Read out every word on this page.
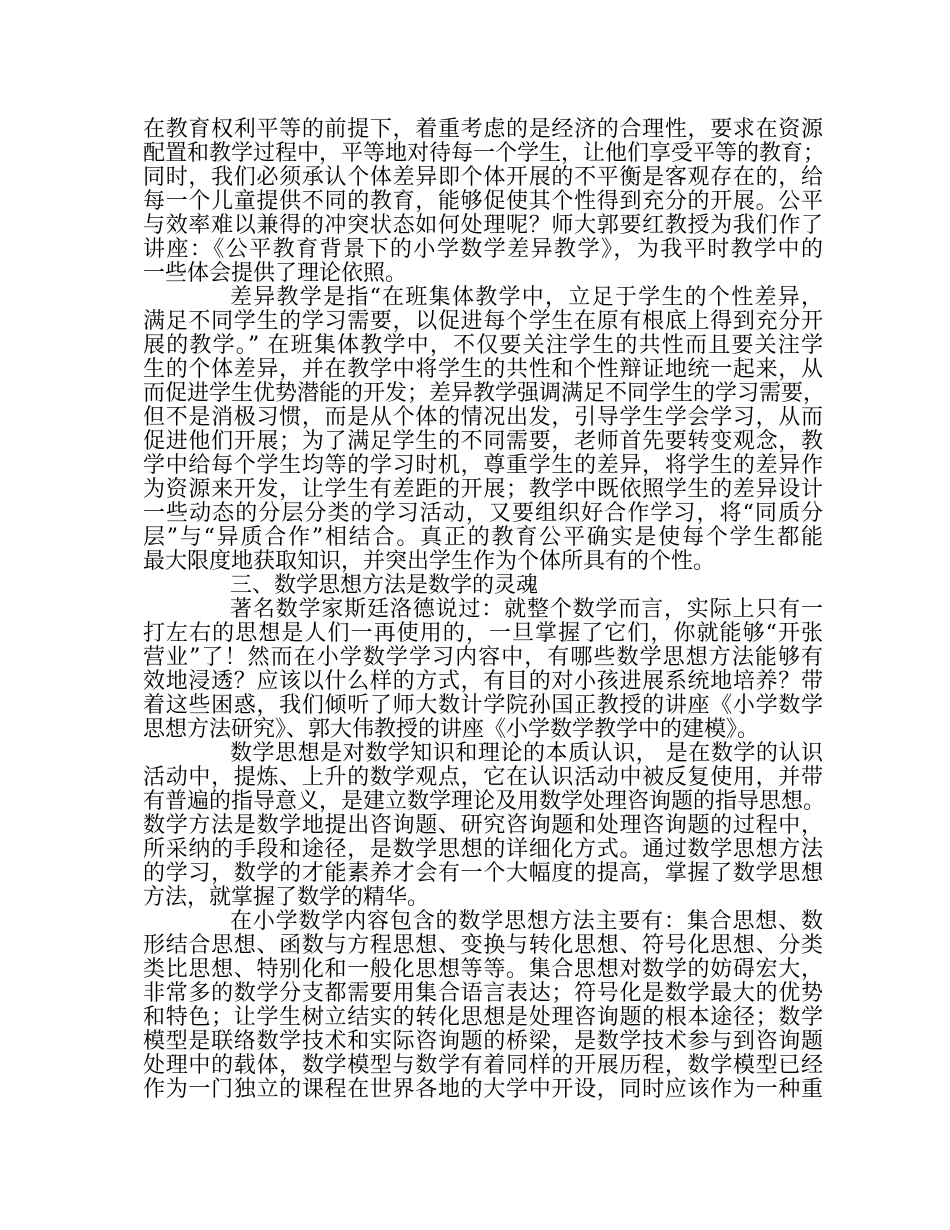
在教育权利平等的前提下，着重考虑的是经济的合理性，要求在资源
配置和教学过程中，平等地对待每一个学生，让他们享受平等的教育；
同时，我们必须承认个体差异即个体开展的不平衡是客观存在的，给
每一个儿童提供不同的教育，能够促使其个性得到充分的开展。公平
与效率难以兼得的冲突状态如何处理呢？师大郭要红教授为我们作了
讲座：《公平教育背景下的小学数学差异教学》，为我平时教学中的
一些体会提供了理论依照。
差异教学是指“在班集体教学中，立足于学生的个性差异，
满足不同学生的学习需要，以促进每个学生在原有根底上得到充分开
展的教学。” 在班集体教学中，不仅要关注学生的共性而且要关注学
生的个体差异，并在教学中将学生的共性和个性辩证地统一起来，从
而促进学生优势潜能的开发；差异教学强调满足不同学生的学习需要，
但不是消极习惯，而是从个体的情况出发，引导学生学会学习，从而
促进他们开展；为了满足学生的不同需要，老师首先要转变观念，教
学中给每个学生均等的学习时机，尊重学生的差异，将学生的差异作
为资源来开发，让学生有差距的开展；教学中既依照学生的差异设计
一些动态的分层分类的学习活动，又要组织好合作学习，将“同质分
层”与“异质合作”相结合。真正的教育公平确实是使每个学生都能
最大限度地获取知识，并突出学生作为个体所具有的个性。
三、数学思想方法是数学的灵魂
著名数学家斯廷洛德说过：就整个数学而言，实际上只有一
打左右的思想是人们一再使用的，一旦掌握了它们，你就能够“开张
营业”了！然而在小学数学学习内容中，有哪些数学思想方法能够有
效地浸透？应该以什么样的方式，有目的对小孩进展系统地培养？带
着这些困惑，我们倾听了师大数计学院孙国正教授的讲座《小学数学
思想方法研究》、郭大伟教授的讲座《小学数学教学中的建模》。
数学思想是对数学知识和理论的本质认识， 是在数学的认识
活动中，提炼、上升的数学观点，它在认识活动中被反复使用，并带
有普遍的指导意义，是建立数学理论及用数学处理咨询题的指导思想。
数学方法是数学地提出咨询题、研究咨询题和处理咨询题的过程中，
所采纳的手段和途径，是数学思想的详细化方式。通过数学思想方法
的学习，数学的才能素养才会有一个大幅度的提高，掌握了数学思想
方法，就掌握了数学的精华。
在小学数学内容包含的数学思想方法主要有：集合思想、数
形结合思想、函数与方程思想、变换与转化思想、符号化思想、分类
类比思想、特别化和一般化思想等等。集合思想对数学的妨碍宏大，
非常多的数学分支都需要用集合语言表达；符号化是数学最大的优势
和特色；让学生树立结实的转化思想是处理咨询题的根本途径；数学
模型是联络数学技术和实际咨询题的桥梁，是数学技术参与到咨询题
处理中的载体，数学模型与数学有着同样的开展历程，数学模型已经
作为一门独立的课程在世界各地的大学中开设，同时应该作为一种重
